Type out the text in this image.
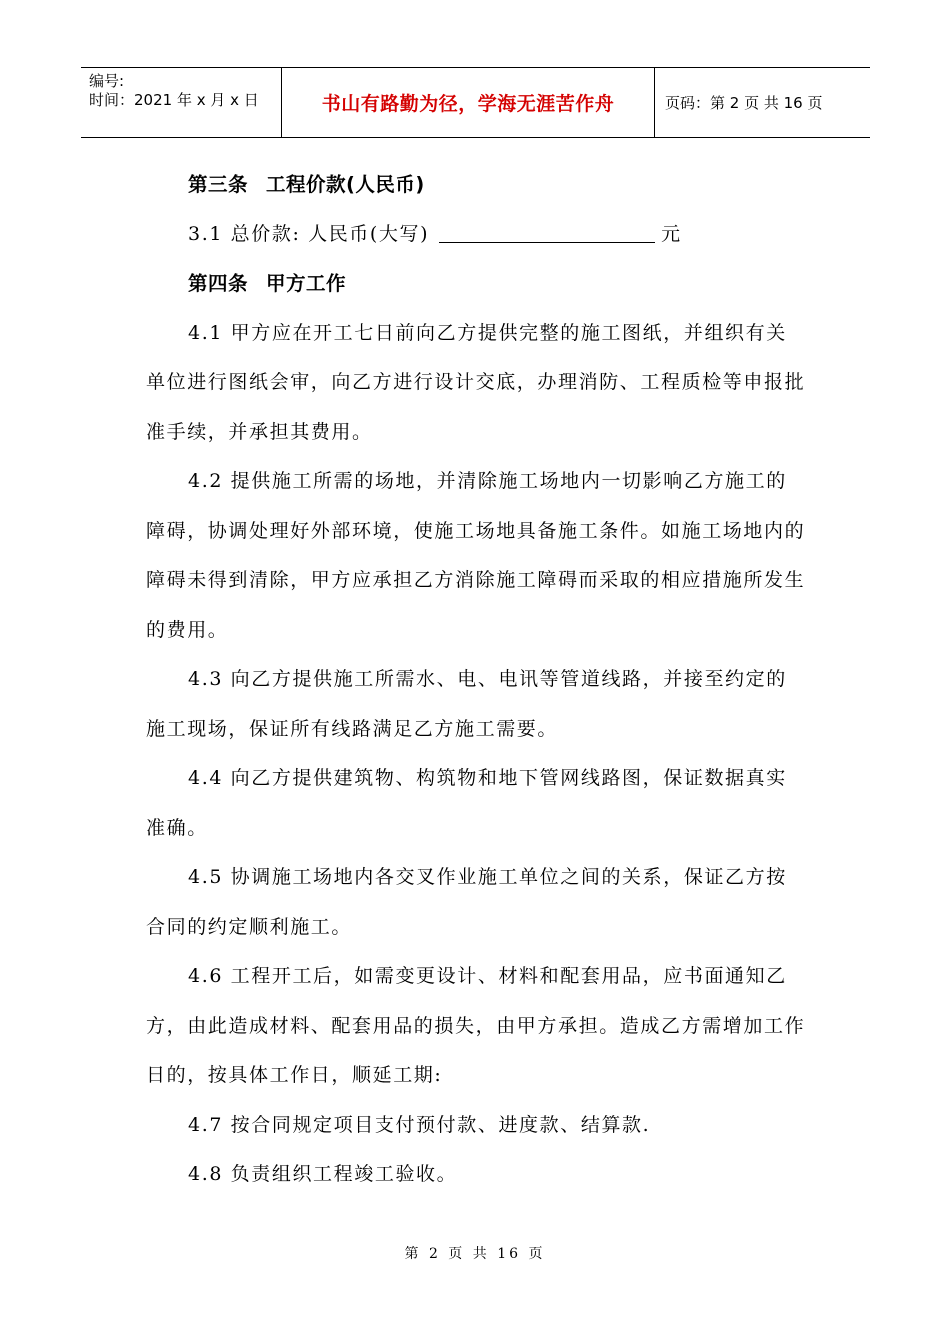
编号:
时间：2021 年 x 月 x 日	书山有路勤为径，学海无涯苦作舟	页码：第 2 页 共 16 页

第三条 工程价款(人民币)

3.1 总价款: 人民币(大写)	元

第四条 甲方工作

4.1 甲方应在开工七日前向乙方提供完整的施工图纸，并组织有关单位进行图纸会审，向乙方进行设计交底，办理消防、工程质检等申报批准手续，并承担其费用。

4.2 提供施工所需的场地，并清除施工场地内一切影响乙方施工的障碍，协调处理好外部环境，使施工场地具备施工条件。如施工场地内的障碍未得到清除，甲方应承担乙方消除施工障碍而采取的相应措施所发生的费用。

4.3 向乙方提供施工所需水、电、电讯等管道线路，并接至约定的施工现场，保证所有线路满足乙方施工需要。

4.4 向乙方提供建筑物、构筑物和地下管网线路图，保证数据真实准确。

4.5 协调施工场地内各交叉作业施工单位之间的关系，保证乙方按合同的约定顺利施工。

4.6 工程开工后，如需变更设计、材料和配套用品，应书面通知乙方，由此造成材料、配套用品的损失，由甲方承担。造成乙方需增加工作日的，按具体工作日，顺延工期:

4.7 按合同规定项目支付预付款、进度款、结算款.

4.8 负责组织工程竣工验收。

第 2 页 共 16 页
